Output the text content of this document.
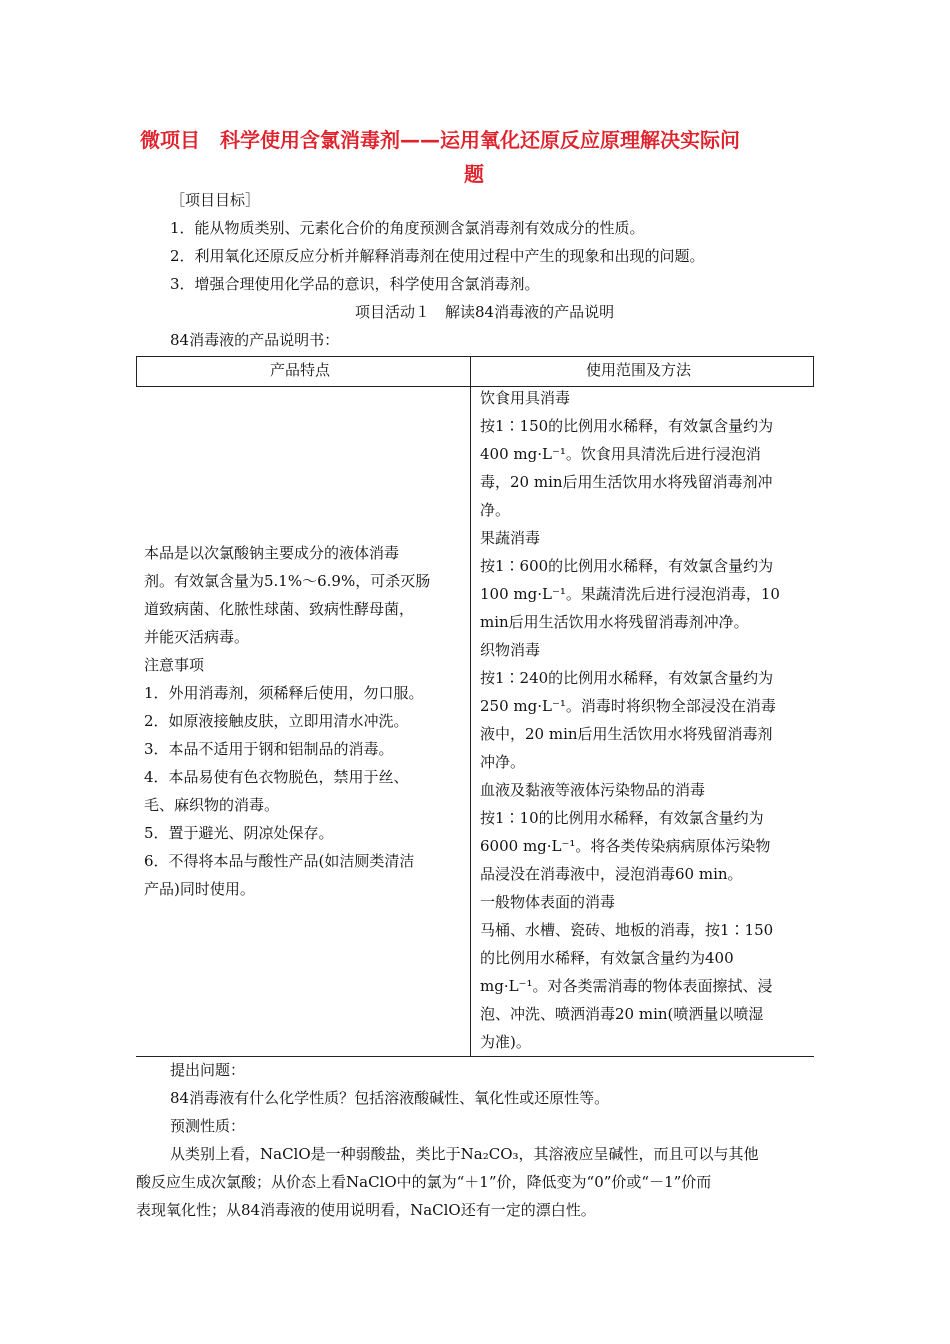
微项目　科学使用含氯消毒剂——运用氧化还原反应原理解决实际问
题
［项目目标］
1．能从物质类别、元素化合价的角度预测含氯消毒剂有效成分的性质。
2．利用氧化还原反应分析并解释消毒剂在使用过程中产生的现象和出现的问题。
3．增强合理使用化学品的意识，科学使用含氯消毒剂。
项目活动１　解读84消毒液的产品说明
84消毒液的产品说明书：
产品特点	使用范围及方法
本品是以次氯酸钠主要成分的液体消毒
剂。有效氯含量为5.1%～6.9%，可杀灭肠
道致病菌、化脓性球菌、致病性酵母菌，
并能灭活病毒。
注意事项
1．外用消毒剂，须稀释后使用，勿口服。
2．如原液接触皮肤，立即用清水冲洗。
3．本品不适用于钢和铝制品的消毒。
4．本品易使有色衣物脱色，禁用于丝、
毛、麻织物的消毒。
5．置于避光、阴凉处保存。
6．不得将本品与酸性产品(如洁厕类清洁
产品)同时使用。
饮食用具消毒
按1∶150的比例用水稀释，有效氯含量约为
400 mg·L⁻¹。饮食用具清洗后进行浸泡消
毒，20 min后用生活饮用水将残留消毒剂冲
净。
果蔬消毒
按1∶600的比例用水稀释，有效氯含量约为
100 mg·L⁻¹。果蔬清洗后进行浸泡消毒，10
min后用生活饮用水将残留消毒剂冲净。
织物消毒
按1∶240的比例用水稀释，有效氯含量约为
250 mg·L⁻¹。消毒时将织物全部浸没在消毒
液中，20 min后用生活饮用水将残留消毒剂
冲净。
血液及黏液等液体污染物品的消毒
按1∶10的比例用水稀释，有效氯含量约为
6000 mg·L⁻¹。将各类传染病病原体污染物
品浸没在消毒液中，浸泡消毒60 min。
一般物体表面的消毒
马桶、水槽、瓷砖、地板的消毒，按1∶150
的比例用水稀释，有效氯含量约为400
mg·L⁻¹。对各类需消毒的物体表面擦拭、浸
泡、冲洗、喷洒消毒20 min(喷洒量以喷湿
为准)。
提出问题：
84消毒液有什么化学性质？包括溶液酸碱性、氧化性或还原性等。
预测性质：
从类别上看，NaClO是一种弱酸盐，类比于Na₂CO₃，其溶液应呈碱性，而且可以与其他
酸反应生成次氯酸；从价态上看NaClO中的氯为“＋1”价，降低变为“0”价或“－1”价而
表现氧化性；从84消毒液的使用说明看，NaClO还有一定的漂白性。
